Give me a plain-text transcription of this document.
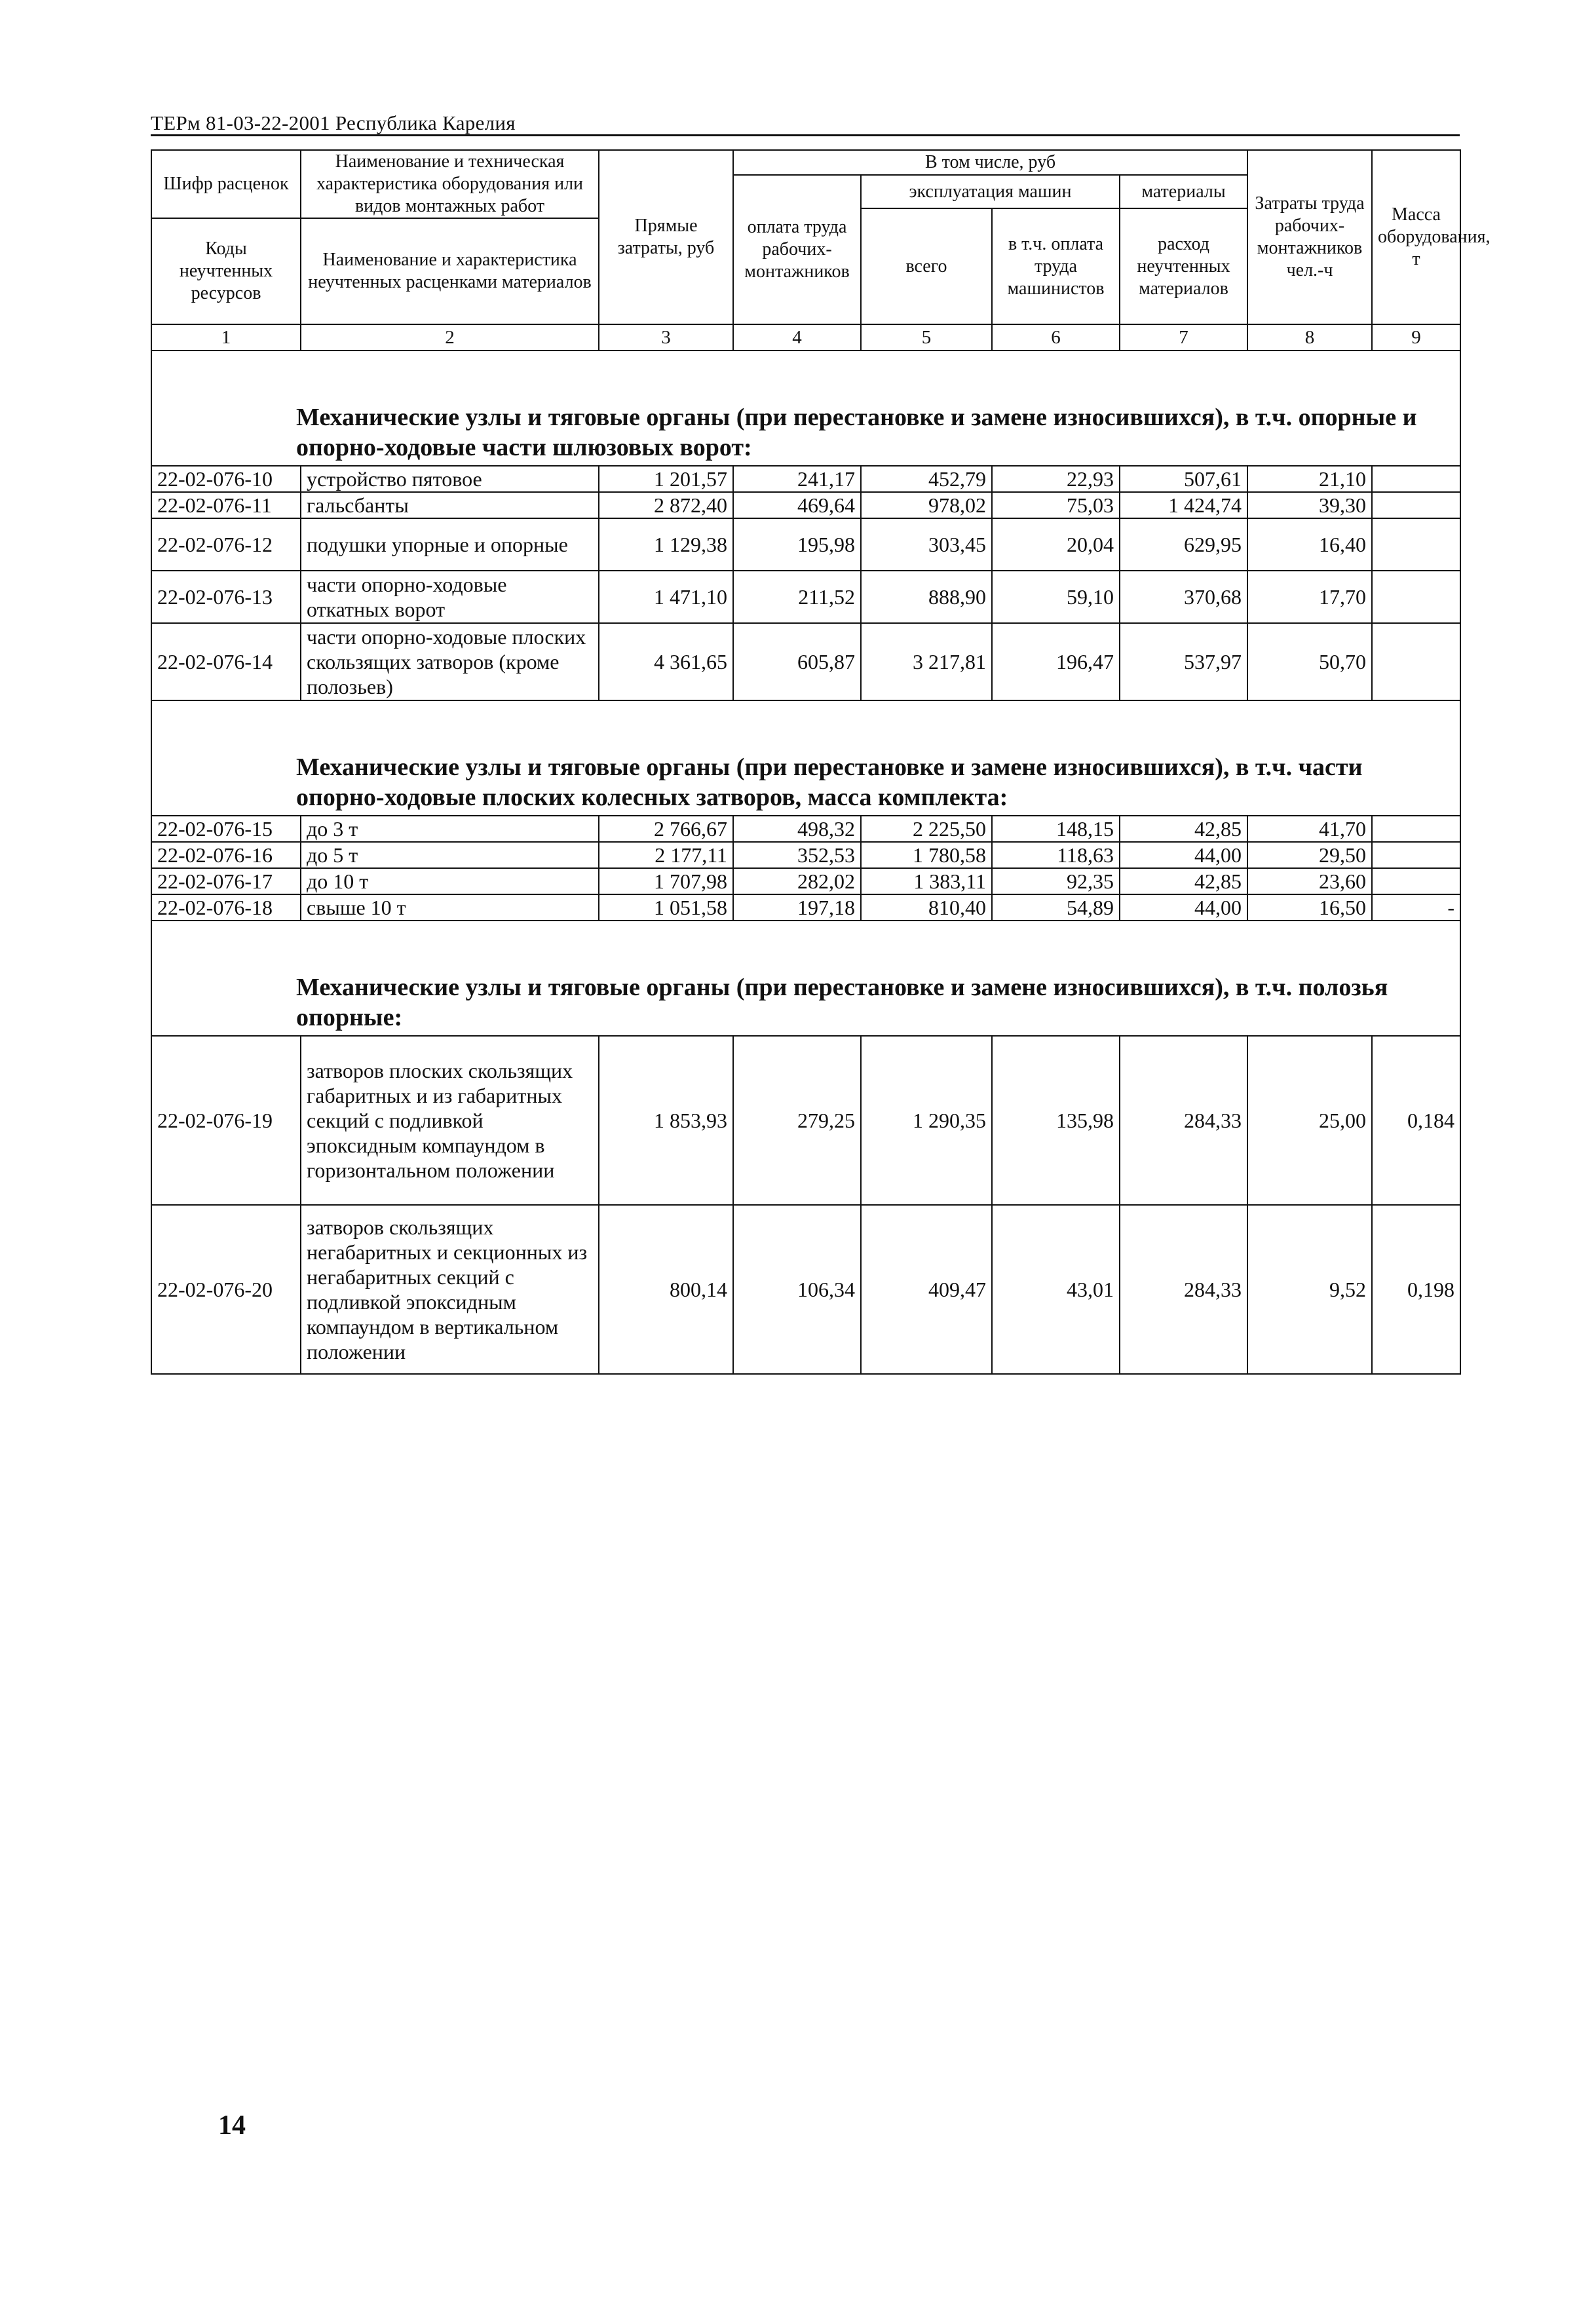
ТЕРм 81-03-22-2001 Республика Карелия
Шифр расценок	Наименование и техническая характеристика оборудования или видов монтажных работ	Прямые затраты, руб	В том числе, руб				Затраты труда рабочих-монтажников чел.-ч	Масса оборудования, т
			оплата труда рабочих-монтажников	эксплуатация машин		материалы		
				всего	в т.ч. оплата труда машинистов	расход неучтенных материалов		
Коды неучтенных ресурсов	Наименование и характеристика неучтенных расценками материалов							

1	2	3	4	5	6	7	8	9
Механические узлы и тяговые органы (при перестановке и замене износившихся), в т.ч. опорные и опорно-ходовые части шлюзовых ворот:								
22-02-076-10	устройство пятовое	1 201,57	241,17	452,79	22,93	507,61	21,10	
22-02-076-11	гальсбанты	2 872,40	469,64	978,02	75,03	1 424,74	39,30	
22-02-076-12	подушки упорные и опорные	1 129,38	195,98	303,45	20,04	629,95	16,40	
22-02-076-13	части опорно-ходовые откатных ворот	1 471,10	211,52	888,90	59,10	370,68	17,70	
22-02-076-14	части опорно-ходовые плоских скользящих затворов (кроме полозьев)	4 361,65	605,87	3 217,81	196,47	537,97	50,70	
Механические узлы и тяговые органы (при перестановке и замене износившихся), в т.ч. части опорно-ходовые плоских колесных затворов, масса комплекта:								
22-02-076-15	до 3 т	2 766,67	498,32	2 225,50	148,15	42,85	41,70	
22-02-076-16	до 5 т	2 177,11	352,53	1 780,58	118,63	44,00	29,50	
22-02-076-17	до 10 т	1 707,98	282,02	1 383,11	92,35	42,85	23,60	
22-02-076-18	свыше 10 т	1 051,58	197,18	810,40	54,89	44,00	16,50	-
Механические узлы и тяговые органы (при перестановке и замене износившихся), в т.ч. полозья опорные:								
22-02-076-19	затворов плоских скользящих габаритных и из габаритных секций с подливкой эпоксидным компаундом в горизонтальном положении	1 853,93	279,25	1 290,35	135,98	284,33	25,00	0,184
22-02-076-20	затворов скользящих негабаритных и секционных из негабаритных секций с подливкой эпоксидным компаундом в вертикальном положении	800,14	106,34	409,47	43,01	284,33	9,52	0,198
14
